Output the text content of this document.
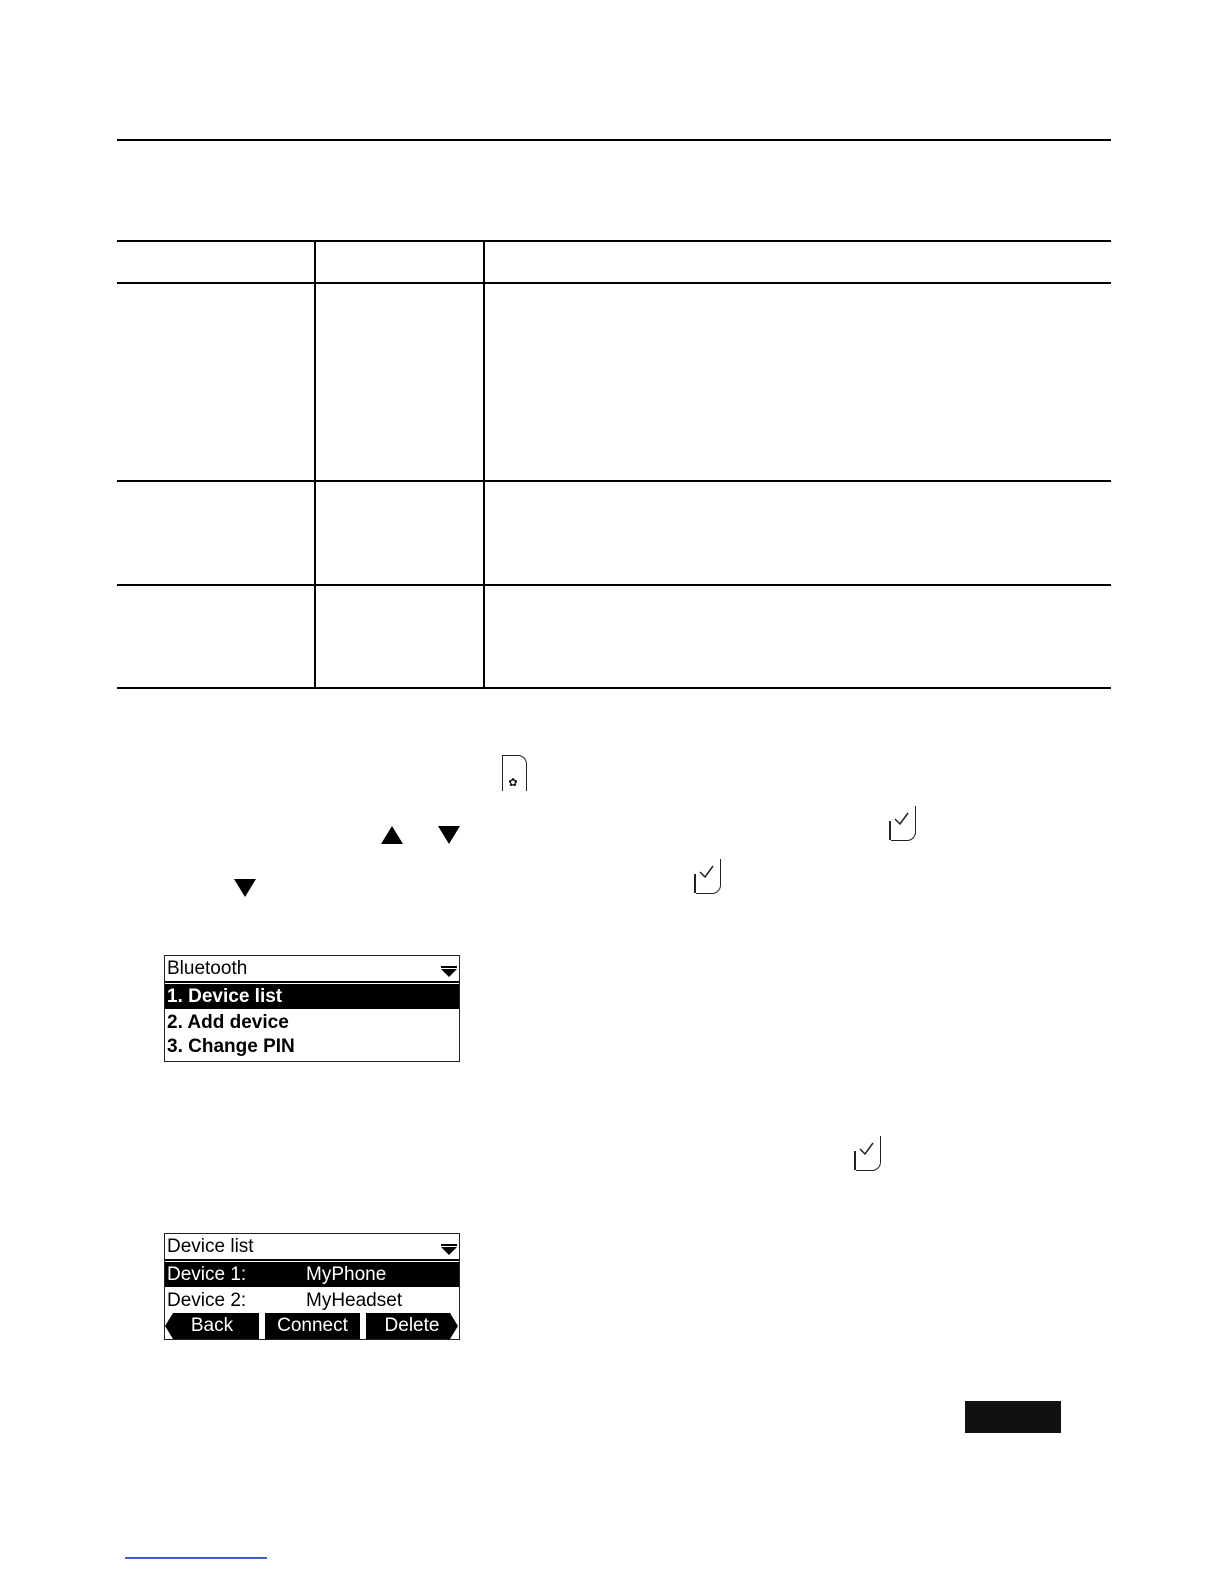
✿
Bluetooth
1. Device list
2. Add device
3. Change PIN
Device list
Device 1:	MyPhone
Device 2:	MyHeadset
Back	Connect	Delete
